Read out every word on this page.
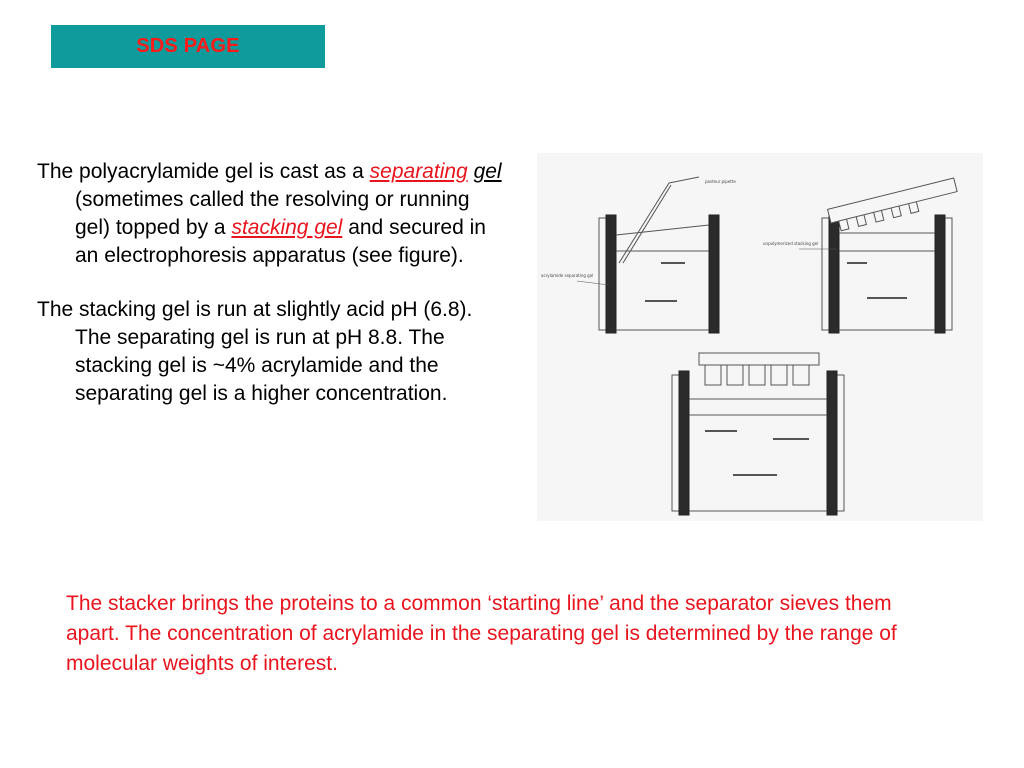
SDS PAGE

The polyacrylamide gel is cast as a separating gel (sometimes called the resolving or running gel) topped by a stacking gel and secured in an electrophoresis apparatus (see figure).

The stacking gel is run at slightly acid pH (6.8). The separating gel is run at pH 8.8. The stacking gel is ~4% acrylamide and the separating gel is a higher concentration.

pasteur pipette
acrylamide separating gel
unpolymerized stacking gel
The stacker brings the proteins to a common ‘starting line’ and the separator sieves them apart. The concentration of acrylamide in the separating gel is determined by the range of molecular weights of interest.
